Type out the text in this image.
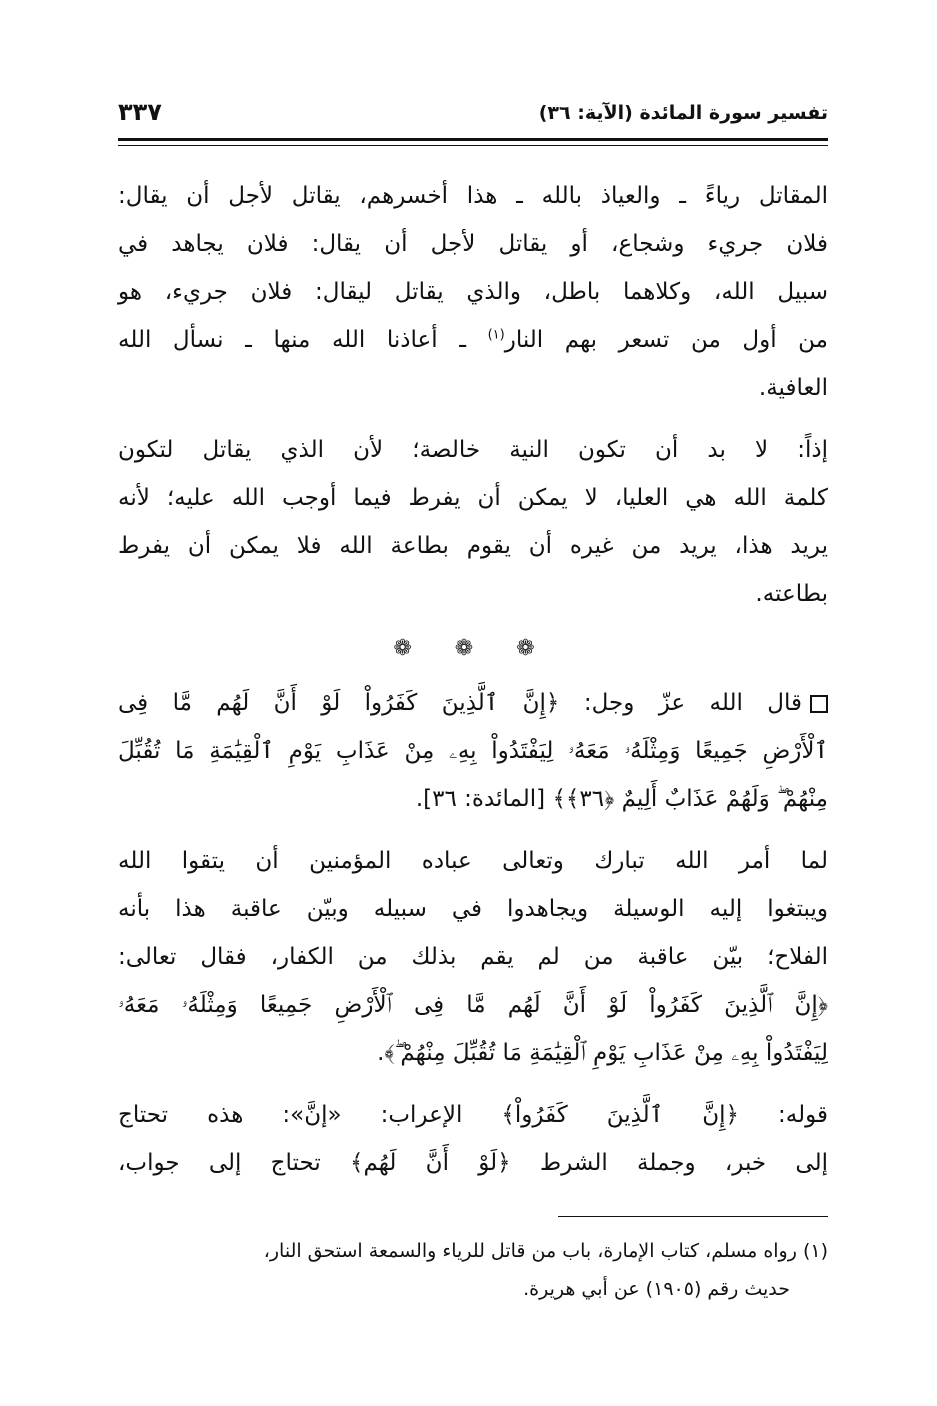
تفسير سورة المائدة (الآية: ٣٦)
٣٣٧

المقاتل رياءً ـ والعياذ بالله ـ هذا أخسرهم، يقاتل لأجل أن يقال:
فلان جريء وشجاع، أو يقاتل لأجل أن يقال: فلان يجاهد في
سبيل الله، وكلاهما باطل، والذي يقاتل ليقال: فلان جريء، هو
من أول من تسعر بهم النار$^{(١)}$ ـ أعاذنا الله منها ـ نسأل الله
العافية.

إذاً: لا بد أن تكون النية خالصة؛ لأن الذي يقاتل لتكون
كلمة الله هي العليا، لا يمكن أن يفرط فيما أوجب الله عليه؛ لأنه
يريد هذا، يريد من غيره أن يقوم بطاعة الله فلا يمكن أن يفرط
بطاعته.

❁ ❁ ❁

قال الله عزّ وجل: ﴿إِنَّ ٱلَّذِينَ كَفَرُواْ لَوْ أَنَّ لَهُم مَّا فِى
ٱلْأَرْضِ جَمِيعًا وَمِثْلَهُۥ مَعَهُۥ لِيَفْتَدُواْ بِهِۦ مِنْ عَذَابِ يَوْمِ ٱلْقِيَٰمَةِ مَا تُقُبِّلَ
مِنْهُمْ ۖ وَلَهُمْ عَذَابٌ أَلِيمٌ ﴿٣٦﴾﴾ [المائدة: ٣٦].

لما أمر الله تبارك وتعالى عباده المؤمنين أن يتقوا الله
ويبتغوا إليه الوسيلة ويجاهدوا في سبيله وبيّن عاقبة هذا بأنه
الفلاح؛ بيّن عاقبة من لم يقم بذلك من الكفار، فقال تعالى:
﴿إِنَّ ٱلَّذِينَ كَفَرُواْ لَوْ أَنَّ لَهُم مَّا فِى ٱلْأَرْضِ جَمِيعًا وَمِثْلَهُۥ مَعَهُۥ
لِيَفْتَدُواْ بِهِۦ مِنْ عَذَابِ يَوْمِ ٱلْقِيَٰمَةِ مَا تُقُبِّلَ مِنْهُمْ ۖ﴾.

قوله: ﴿إِنَّ ٱلَّذِينَ كَفَرُواْ﴾ الإعراب: «إنَّ»: هذه تحتاج
إلى خبر، وجملة الشرط ﴿لَوْ أَنَّ لَهُم﴾ تحتاج إلى جواب،

(١) رواه مسلم، كتاب الإمارة، باب من قاتل للرياء والسمعة استحق النار،
حديث رقم (١٩٠٥) عن أبي هريرة.
